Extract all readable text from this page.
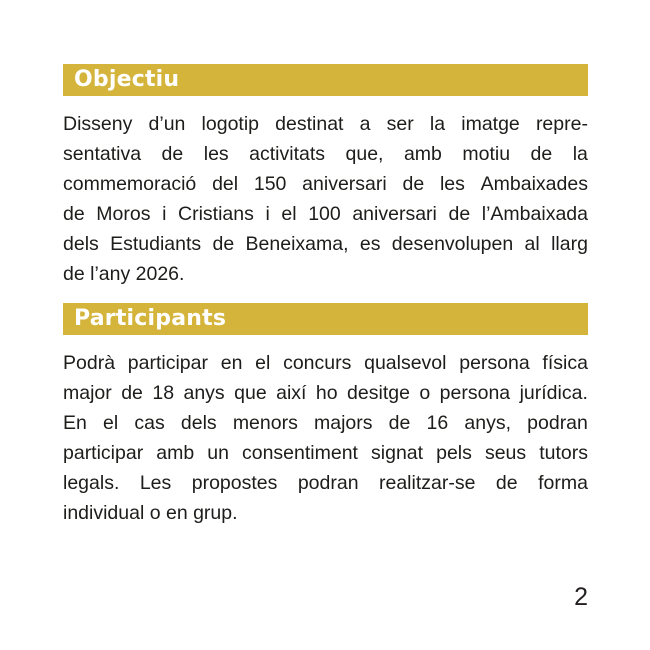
Objectiu
Disseny d’un logotip destinat a ser la imatge repre-
sentativa de les activitats que, amb motiu de la
commemoració del 150 aniversari de les Ambaixades
de Moros i Cristians i el 100 aniversari de l’Ambaixada
dels Estudiants de Beneixama, es desenvolupen al llarg
de l’any 2026.
Participants
Podrà participar en el concurs qualsevol persona física
major de 18 anys que així ho desitge o persona jurídica.
En el cas dels menors majors de 16 anys, podran
participar amb un consentiment signat pels seus tutors
legals. Les propostes podran realitzar-se de forma
individual o en grup.
2
